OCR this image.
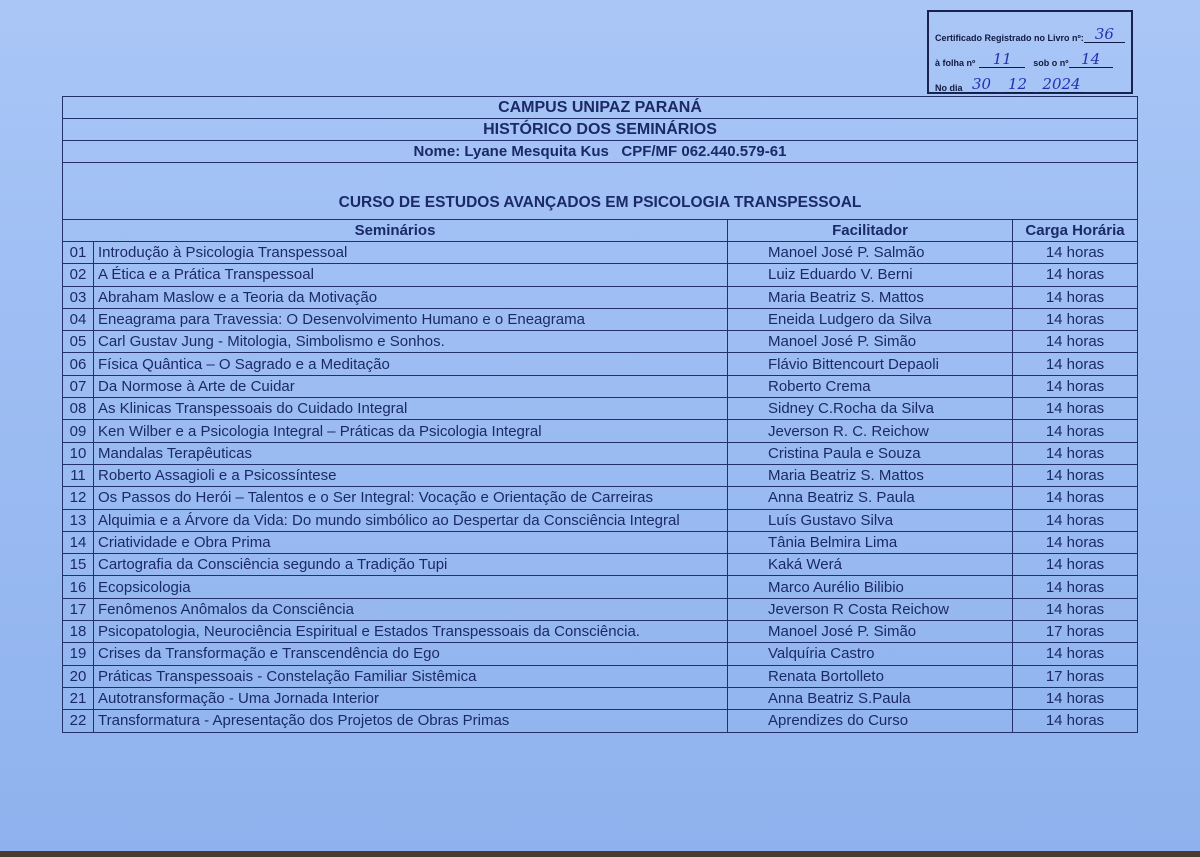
Certificado Registrado no Livro nº: 36
à folha nº	11	sob o nº 14
No dia 30	12	2024
CAMPUS UNIPAZ PARANÁ			
HISTÓRICO DOS SEMINÁRIOS			
Nome: Lyane Mesquita Kus   CPF/MF 062.440.579-61			
CURSO DE ESTUDOS AVANÇADOS EM PSICOLOGIA TRANSPESSOAL			
Seminários		Facilitador	Carga Horária
01	Introdução à Psicologia Transpessoal	Manoel José P. Salmão	14 horas
02	A Ética e a Prática Transpessoal	Luiz Eduardo V. Berni	14 horas
03	Abraham Maslow e a Teoria da Motivação	Maria Beatriz S. Mattos	14 horas
04	Eneagrama para Travessia: O Desenvolvimento Humano e o Eneagrama	Eneida Ludgero da Silva	14 horas
05	Carl Gustav Jung - Mitologia, Simbolismo e Sonhos.	Manoel José P. Simão	14 horas
06	Física Quântica – O Sagrado e a Meditação	Flávio Bittencourt Depaoli	14 horas
07	Da Normose à Arte de Cuidar	Roberto Crema	14 horas
08	As Klinicas Transpessoais do Cuidado Integral	Sidney C.Rocha da Silva	14 horas
09	Ken Wilber e a Psicologia Integral – Práticas da Psicologia Integral	Jeverson R. C. Reichow	14 horas
10	Mandalas Terapêuticas	Cristina Paula e Souza	14 horas
11	Roberto Assagioli e a Psicossíntese	Maria Beatriz S. Mattos	14 horas
12	Os Passos do Herói – Talentos e o Ser Integral: Vocação e Orientação de Carreiras	Anna Beatriz S. Paula	14 horas
13	Alquimia e a Árvore da Vida: Do mundo simbólico ao Despertar da Consciência Integral	Luís Gustavo Silva	14 horas
14	Criatividade e Obra Prima	Tânia Belmira Lima	14 horas
15	Cartografia da Consciência segundo a Tradição Tupi	Kaká Werá	14 horas
16	Ecopsicologia	Marco Aurélio Bilibio	14 horas
17	Fenômenos Anômalos da Consciência	Jeverson R Costa Reichow	14 horas
18	Psicopatologia, Neurociência Espiritual e Estados Transpessoais da Consciência.	Manoel José P. Simão	17 horas
19	Crises da Transformação e Transcendência do Ego	Valquíria Castro	14 horas
20	Práticas Transpessoais - Constelação Familiar Sistêmica	Renata Bortolleto	17 horas
21	Autotransformação - Uma Jornada Interior	Anna Beatriz S.Paula	14 horas
22	Transformatura - Apresentação dos Projetos de Obras Primas	Aprendizes do Curso	14 horas
